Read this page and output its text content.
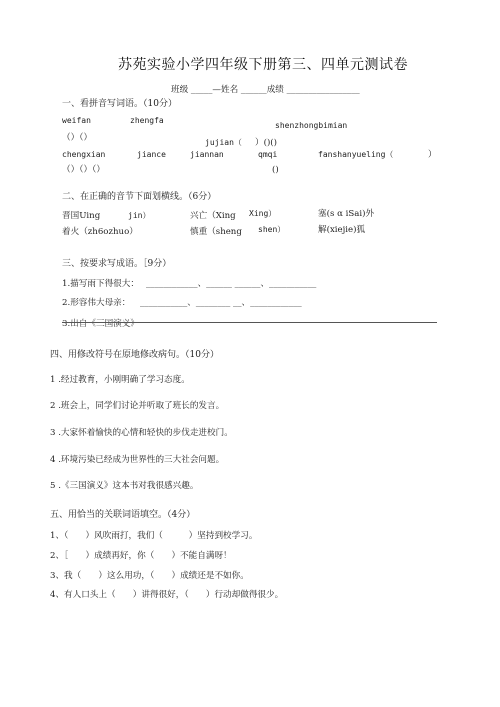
苏苑实验小学四年级下册第三、四单元测试卷
班级 _____—姓名 ______成绩 _________________
一、看拼音写词语。（10分）
weifan	zhengfa
shenzhongbimian
（）（）	jujian（ ）()()
chengxian	jiance	jiannan	qmqi	fanshanyueling（	）
（）（）（）	()
二、在正确的音节下面划横线。（6分）
晋国Uing	jin）	兴亡（Xing Xing）	塞(s α iSai)外
着火（zh6ozhuo）	慎重（sheng shen）	解(xiejie)狐
三、按要求写成语。［9分）
1.描写雨下得很大： ____________、______ ______、___________
2.形容伟大母亲： ___________、________ __、____________
3.出自《三国演义》
四、用修改符号在原地修改病句。（10分）
1 .经过教育，小刚明确了学习态度。
2 .班会上，同学们讨论并听取了班长的发言。
3 .大家怀着愉快的心情和轻快的步伐走进校门。
4 .环境污染已经成为世界性的三大社会问题。
5 .《三国演义》这本书对我很感兴趣。
五、用恰当的关联词语填空。（4分）
1、（　　）风吹雨打，我们（　　　）坚持到校学习。
2、［　　）成绩再好，你（　　）不能自满呀！
3、我（　　）这么用功，（　　）成绩还是不如你。
4、有人口头上（　　）讲得很好，（　　）行动却做得很少。
